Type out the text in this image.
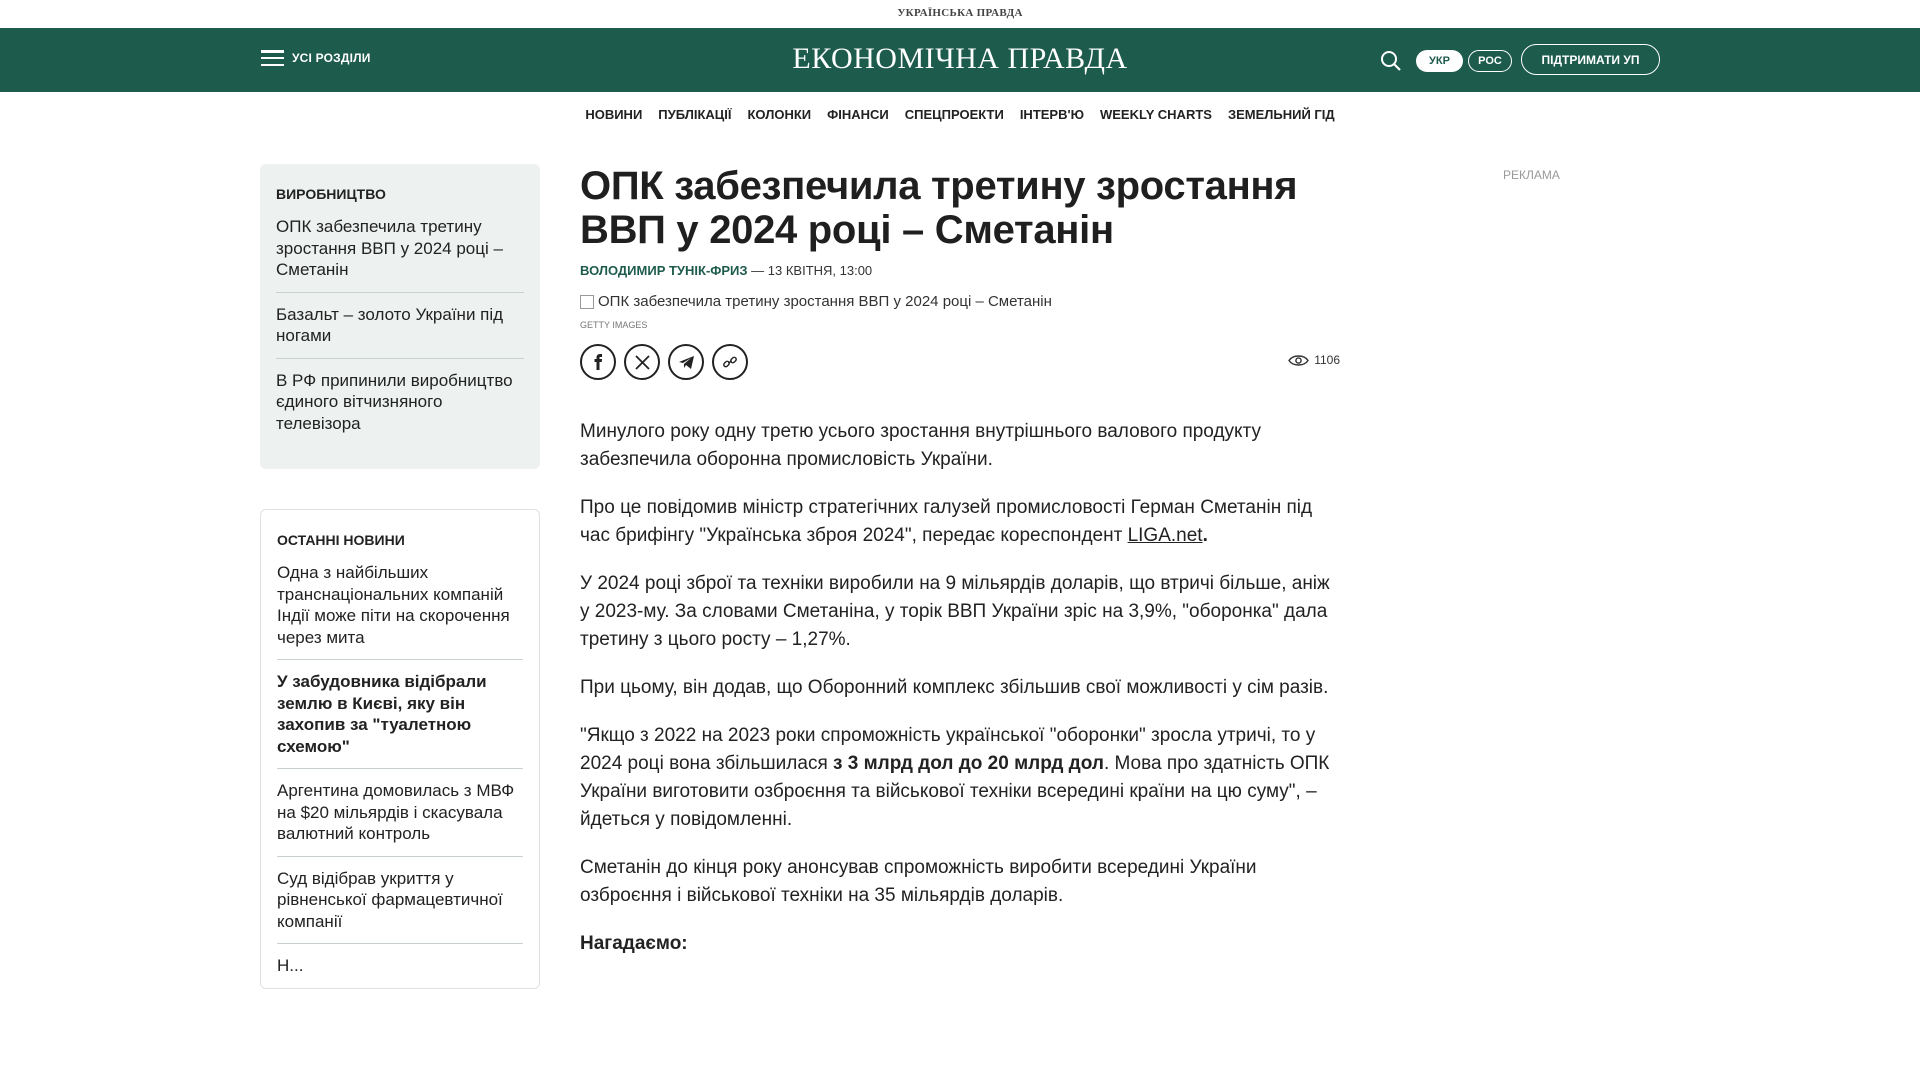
УКРАЇНСЬКА ПРАВДА
УСІ РОЗДІЛИ	ЕКОНОМІЧНА ПРАВДА	УКР	РОС	ПІДТРИМАТИ УП
НОВИНИ ПУБЛІКАЦІЇ КОЛОНКИ ФІНАНСИ СПЕЦПРОЕКТИ ІНТЕРВ'Ю WEEKLY CHARTS ЗЕМЕЛЬНИЙ ГІД
ВИРОБНИЦТВО
ОПК забезпечила третину зростання ВВП у 2024 році – Сметанін
Базальт – золото України під ногами
В РФ припинили виробництво єдиного вітчизняного телевізора
ОСТАННІ НОВИНИ
Одна з найбільших транснаціональних компаній Індії може піти на скорочення через мита
У забудовника відібрали землю в Києві, яку він захопив за "туалетною схемою"
Аргентина домовилась з МВФ на $20 мільярдів і скасувала валютний контроль
Суд відібрав укриття у рівненської фармацевтичної компанії
Н...
ОПК забезпечила третину зростання ВВП у 2024 році – Сметанін
ВОЛОДИМИР ТУНІК-ФРИЗ — 13 КВІТНЯ, 13:00
ОПК забезпечила третину зростання ВВП у 2024 році – Сметанін
GETTY IMAGES
1106

Минулого року одну третю усього зростання внутрішнього валового продукту забезпечила оборонна промисловість України.

Про це повідомив міністр стратегічних галузей промисловості Герман Сметанін під час брифінгу "Українська зброя 2024", передає кореспондент LIGA.net.

У 2024 році зброї та техніки виробили на 9 мільярдів доларів, що втричі більше, аніж у 2023-му. За словами Сметаніна, у торік ВВП України зріс на 3,9%, "оборонка" дала третину з цього росту – 1,27%.

При цьому, він додав, що Оборонний комплекс збільшив свої можливості у сім разів.

"Якщо з 2022 на 2023 роки спроможність української "оборонки" зросла утричі, то у 2024 році вона збільшилася з 3 млрд дол до 20 млрд дол. Мова про здатність ОПК України виготовити озброєння та військової техніки всередині країни на цю суму", – йдеться у повідомленні.

Сметанін до кінця року анонсував спроможність виробити всередині України озброєння і військової техніки на 35 мільярдів доларів.

Нагадаємо:

РЕКЛАМА
